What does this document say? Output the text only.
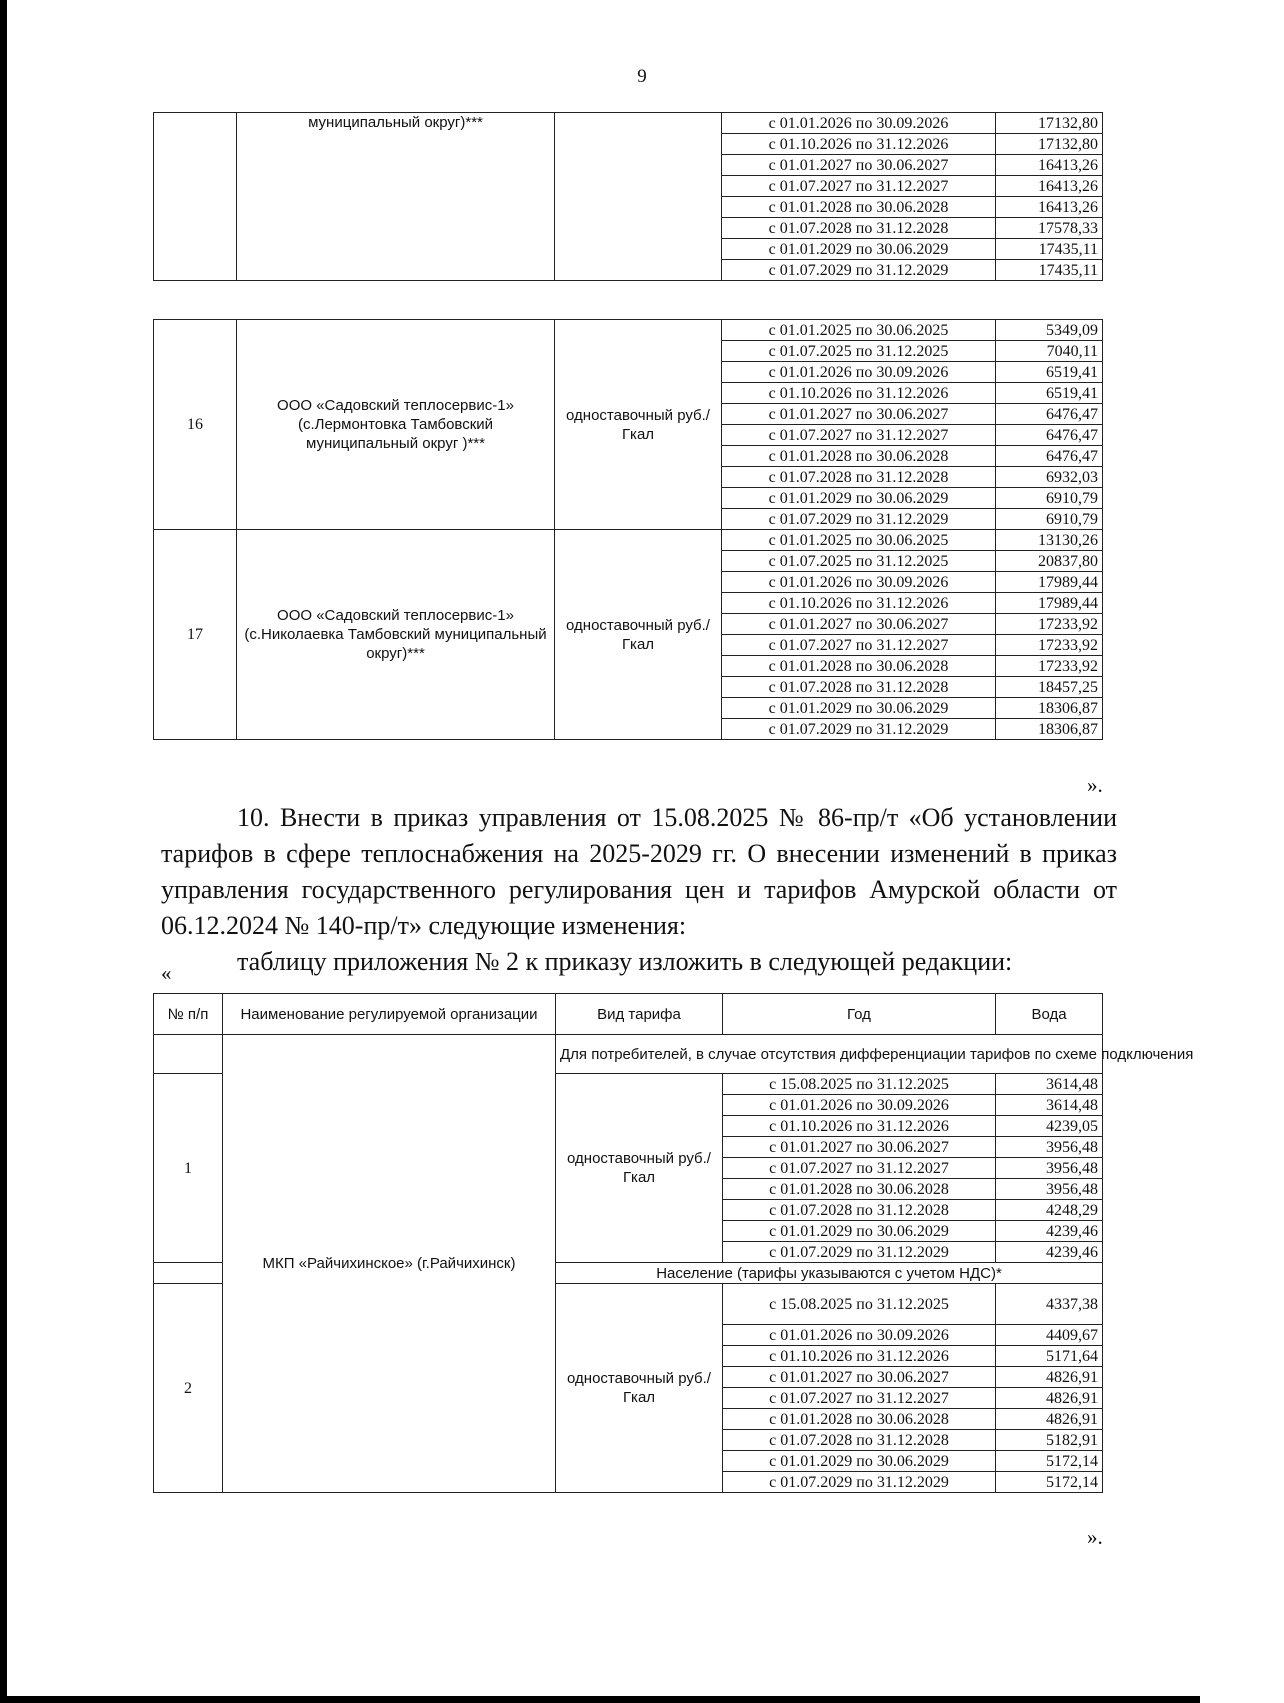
9
	муниципальный округ)***		с 01.01.2026 по 30.09.2026	17132,80
			с 01.10.2026 по 31.12.2026	17132,80
			с 01.01.2027 по 30.06.2027	16413,26
			с 01.07.2027 по 31.12.2027	16413,26
			с 01.01.2028 по 30.06.2028	16413,26
			с 01.07.2028 по 31.12.2028	17578,33
			с 01.01.2029 по 30.06.2029	17435,11
			с 01.07.2029 по 31.12.2029	17435,11
16	ООО «Садовский теплосервис-1» (с.Лермонтовка Тамбовский муниципальный округ )***	одноставочный руб./Гкал	с 01.01.2025 по 30.06.2025	5349,09
			с 01.07.2025 по 31.12.2025	7040,11
			с 01.01.2026 по 30.09.2026	6519,41
			с 01.10.2026 по 31.12.2026	6519,41
			с 01.01.2027 по 30.06.2027	6476,47
			с 01.07.2027 по 31.12.2027	6476,47
			с 01.01.2028 по 30.06.2028	6476,47
			с 01.07.2028 по 31.12.2028	6932,03
			с 01.01.2029 по 30.06.2029	6910,79
			с 01.07.2029 по 31.12.2029	6910,79
17	ООО «Садовский теплосервис-1» (с.Николаевка Тамбовский муниципальный округ)***	одноставочный руб./Гкал	с 01.01.2025 по 30.06.2025	13130,26
			с 01.07.2025 по 31.12.2025	20837,80
			с 01.01.2026 по 30.09.2026	17989,44
			с 01.10.2026 по 31.12.2026	17989,44
			с 01.01.2027 по 30.06.2027	17233,92
			с 01.07.2027 по 31.12.2027	17233,92
			с 01.01.2028 по 30.06.2028	17233,92
			с 01.07.2028 по 31.12.2028	18457,25
			с 01.01.2029 по 30.06.2029	18306,87
			с 01.07.2029 по 31.12.2029	18306,87
».

10. Внести в приказ управления от 15.08.2025 № 86-пр/т «Об установлении тарифов в сфере теплоснабжения на 2025-2029 гг. О внесении изменений в приказ управления государственного регулирования цен и тарифов Амурской области от 06.12.2024 № 140-пр/т» следующие изменения:

таблицу приложения № 2 к приказу изложить в следующей редакции:

«
№ п/п	Наименование регулируемой организации	Вид тарифа	Год	Вода
	МКП «Райчихинское» (г.Райчихинск)	Для потребителей, в случае отсутствия дифференциации тарифов по схеме подключения		
1		одноставочный руб./Гкал	с 15.08.2025 по 31.12.2025	3614,48
			с 01.01.2026 по 30.09.2026	3614,48
			с 01.10.2026 по 31.12.2026	4239,05
			с 01.01.2027 по 30.06.2027	3956,48
			с 01.07.2027 по 31.12.2027	3956,48
			с 01.01.2028 по 30.06.2028	3956,48
			с 01.07.2028 по 31.12.2028	4248,29
			с 01.01.2029 по 30.06.2029	4239,46
			с 01.07.2029 по 31.12.2029	4239,46
		Население (тарифы указываются с учетом НДС)*		
2		одноставочный руб./Гкал	с 15.08.2025 по 31.12.2025	4337,38
			с 01.01.2026 по 30.09.2026	4409,67
			с 01.10.2026 по 31.12.2026	5171,64
			с 01.01.2027 по 30.06.2027	4826,91
			с 01.07.2027 по 31.12.2027	4826,91
			с 01.01.2028 по 30.06.2028	4826,91
			с 01.07.2028 по 31.12.2028	5182,91
			с 01.01.2029 по 30.06.2029	5172,14
			с 01.07.2029 по 31.12.2029	5172,14
».
